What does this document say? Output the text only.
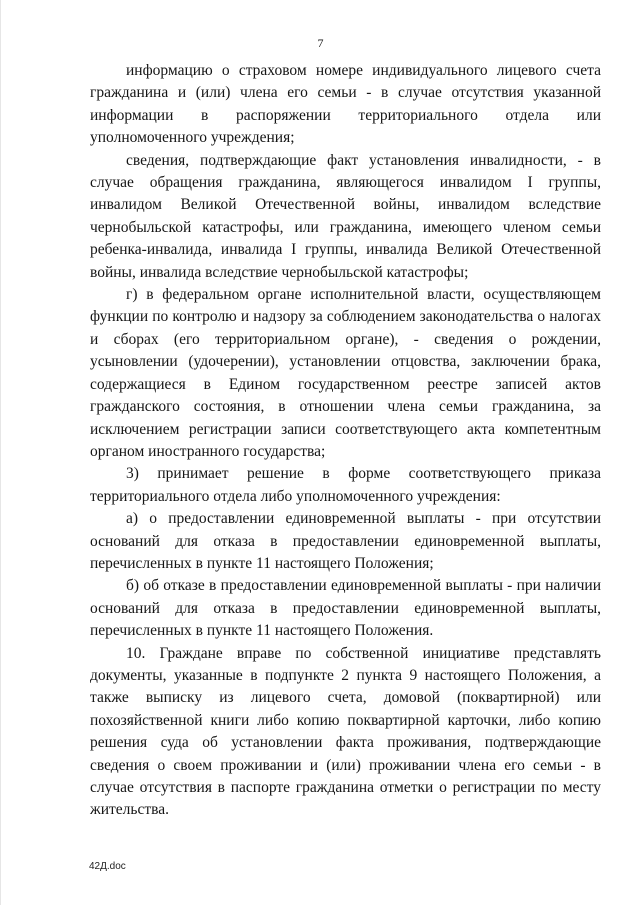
7

информацию о страховом номере индивидуального лицевого счета гражданина и (или) члена его семьи - в случае отсутствия указанной информации в распоряжении территориального отдела или уполномоченного учреждения;

сведения, подтверждающие факт установления инвалидности, - в случае обращения гражданина, являющегося инвалидом I группы, инвалидом Великой Отечественной войны, инвалидом вследствие чернобыльской катастрофы, или гражданина, имеющего членом семьи ребенка-инвалида, инвалида I группы, инвалида Великой Отечественной войны, инвалида вследствие чернобыльской катастрофы;

г) в федеральном органе исполнительной власти, осуществляющем функции по контролю и надзору за соблюдением законодательства о налогах и сборах (его территориальном органе), - сведения о рождении, усыновлении (удочерении), установлении отцовства, заключении брака, содержащиеся в Едином государственном реестре записей актов гражданского состояния, в отношении члена семьи гражданина, за исключением регистрации записи соответствующего акта компетентным органом иностранного государства;

3) принимает решение в форме соответствующего приказа территориального отдела либо уполномоченного учреждения:

а) о предоставлении единовременной выплаты - при отсутствии оснований для отказа в предоставлении единовременной выплаты, перечисленных в пункте 11 настоящего Положения;

б) об отказе в предоставлении единовременной выплаты - при наличии оснований для отказа в предоставлении единовременной выплаты, перечисленных в пункте 11 настоящего Положения.

10. Граждане вправе по собственной инициативе представлять документы, указанные в подпункте 2 пункта 9 настоящего Положения, а также выписку из лицевого счета, домовой (поквартирной) или похозяйственной книги либо копию поквартирной карточки, либо копию решения суда об установлении факта проживания, подтверждающие сведения о своем проживании и (или) проживании члена его семьи - в случае отсутствия в паспорте гражданина отметки о регистрации по месту жительства.

42Д.doc
